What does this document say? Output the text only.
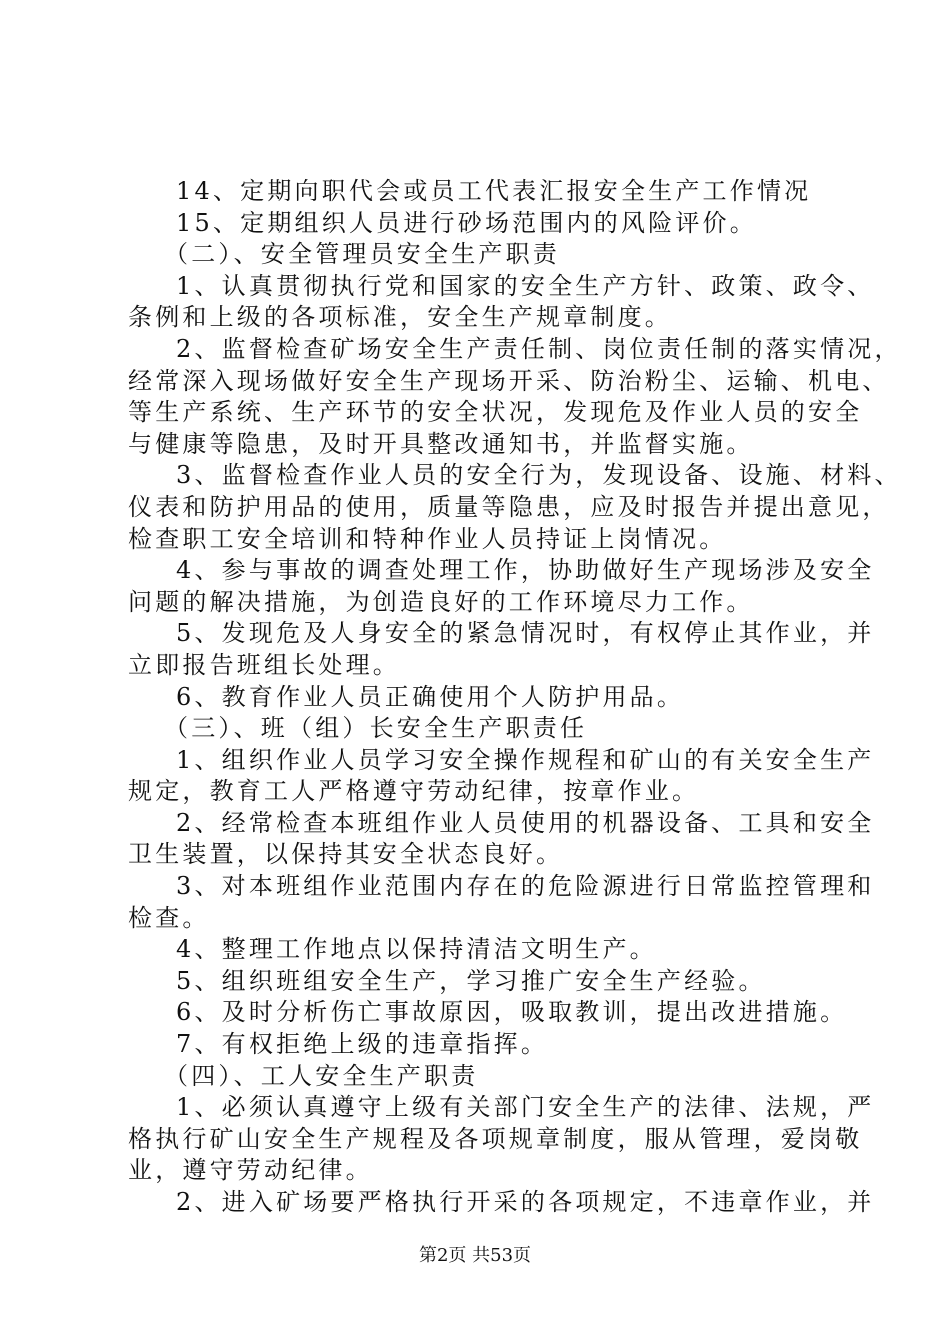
14、定期向职代会或员工代表汇报安全生产工作情况
15、定期组织人员进行砂场范围内的风险评价。
（二）、安全管理员安全生产职责
1、认真贯彻执行党和国家的安全生产方针、政策、政令、
条例和上级的各项标准，安全生产规章制度。
2、监督检查矿场安全生产责任制、岗位责任制的落实情况，
经常深入现场做好安全生产现场开采、防治粉尘、运输、机电、
等生产系统、生产环节的安全状况，发现危及作业人员的安全
与健康等隐患，及时开具整改通知书，并监督实施。
3、监督检查作业人员的安全行为，发现设备、设施、材料、
仪表和防护用品的使用，质量等隐患，应及时报告并提出意见，
检查职工安全培训和特种作业人员持证上岗情况。
4、参与事故的调查处理工作，协助做好生产现场涉及安全
问题的解决措施，为创造良好的工作环境尽力工作。
5、发现危及人身安全的紧急情况时，有权停止其作业，并
立即报告班组长处理。
6、教育作业人员正确使用个人防护用品。
（三）、班（组）长安全生产职责任
1、组织作业人员学习安全操作规程和矿山的有关安全生产
规定，教育工人严格遵守劳动纪律，按章作业。
2、经常检查本班组作业人员使用的机器设备、工具和安全
卫生装置，以保持其安全状态良好。
3、对本班组作业范围内存在的危险源进行日常监控管理和
检查。
4、整理工作地点以保持清洁文明生产。
5、组织班组安全生产，学习推广安全生产经验。
6、及时分析伤亡事故原因，吸取教训，提出改进措施。
7、有权拒绝上级的违章指挥。
（四）、工人安全生产职责
1、必须认真遵守上级有关部门安全生产的法律、法规，严
格执行矿山安全生产规程及各项规章制度，服从管理，爱岗敬
业，遵守劳动纪律。
2、进入矿场要严格执行开采的各项规定，不违章作业，并
第2页 共53页
